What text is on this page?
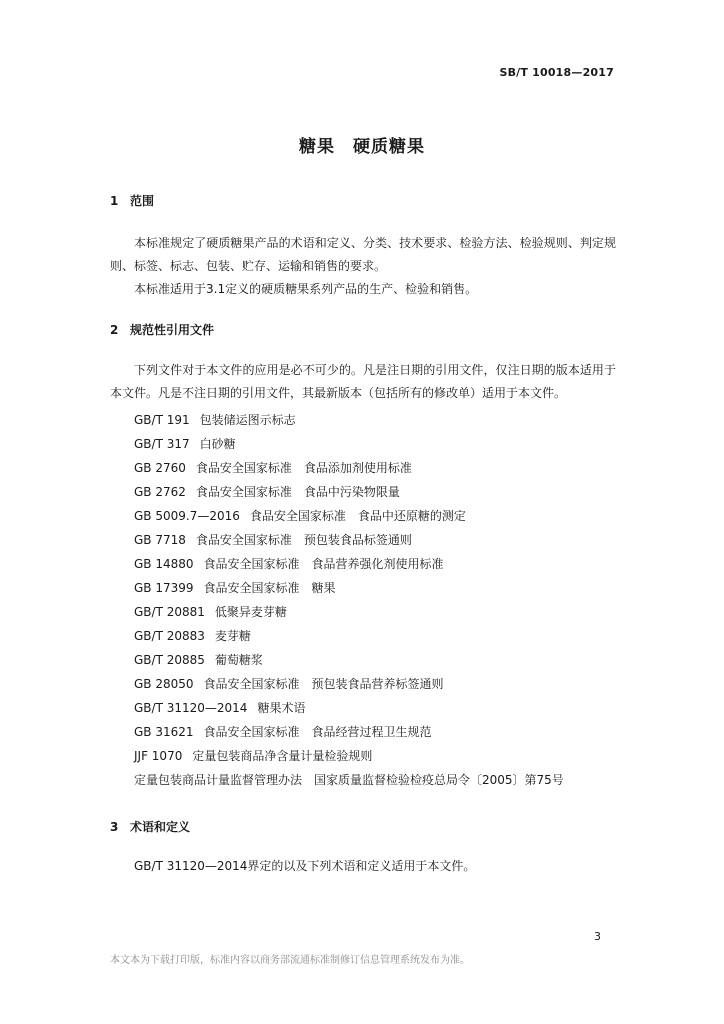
SB/T 10018—2017
糖果　硬质糖果
1 范围
本标准规定了硬质糖果产品的术语和定义、分类、技术要求、检验方法、检验规则、判定规则、标签、标志、包装、贮存、运输和销售的要求。
本标准适用于3.1定义的硬质糖果系列产品的生产、检验和销售。
2 规范性引用文件
下列文件对于本文件的应用是必不可少的。凡是注日期的引用文件，仅注日期的版本适用于本文件。凡是不注日期的引用文件，其最新版本（包括所有的修改单）适用于本文件。
GB/T 191 包装储运图示标志
GB/T 317 白砂糖
GB 2760 食品安全国家标准　食品添加剂使用标准
GB 2762 食品安全国家标准　食品中污染物限量
GB 5009.7—2016 食品安全国家标准　食品中还原糖的测定
GB 7718 食品安全国家标准　预包装食品标签通则
GB 14880 食品安全国家标准　食品营养强化剂使用标准
GB 17399 食品安全国家标准　糖果
GB/T 20881 低聚异麦芽糖
GB/T 20883 麦芽糖
GB/T 20885 葡萄糖浆
GB 28050 食品安全国家标准　预包装食品营养标签通则
GB/T 31120—2014 糖果术语
GB 31621 食品安全国家标准　食品经营过程卫生规范
JJF 1070 定量包装商品净含量计量检验规则
定量包装商品计量监督管理办法　国家质量监督检验检疫总局令〔2005〕第75号
3 术语和定义
GB/T 31120—2014界定的以及下列术语和定义适用于本文件。
3
本文本为下载打印版，标准内容以商务部流通标准制修订信息管理系统发布为准。
